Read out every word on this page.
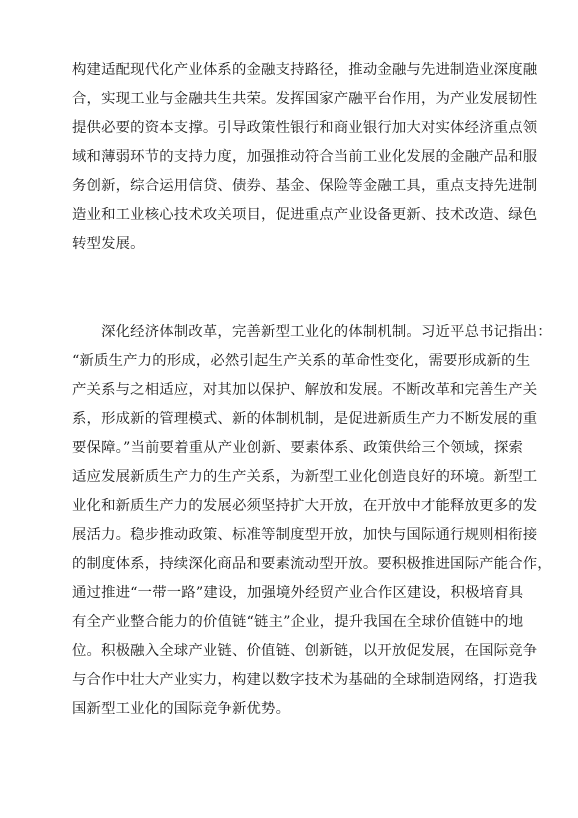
构建适配现代化产业体系的金融支持路径，推动金融与先进制造业深度融
合，实现工业与金融共生共荣。发挥国家产融平台作用，为产业发展韧性
提供必要的资本支撑。引导政策性银行和商业银行加大对实体经济重点领
域和薄弱环节的支持力度，加强推动符合当前工业化发展的金融产品和服
务创新，综合运用信贷、债券、基金、保险等金融工具，重点支持先进制
造业和工业核心技术攻关项目，促进重点产业设备更新、技术改造、绿色
转型发展。
　　深化经济体制改革，完善新型工业化的体制机制。习近平总书记指出：
“新质生产力的形成，必然引起生产关系的革命性变化，需要形成新的生
产关系与之相适应，对其加以保护、解放和发展。不断改革和完善生产关
系，形成新的管理模式、新的体制机制，是促进新质生产力不断发展的重
要保障。”当前要着重从产业创新、要素体系、政策供给三个领域，探索
适应发展新质生产力的生产关系，为新型工业化创造良好的环境。新型工
业化和新质生产力的发展必须坚持扩大开放，在开放中才能释放更多的发
展活力。稳步推动政策、标准等制度型开放，加快与国际通行规则相衔接
的制度体系，持续深化商品和要素流动型开放。要积极推进国际产能合作，
通过推进“一带一路”建设，加强境外经贸产业合作区建设，积极培育具
有全产业整合能力的价值链“链主”企业，提升我国在全球价值链中的地
位。积极融入全球产业链、价值链、创新链，以开放促发展，在国际竞争
与合作中壮大产业实力，构建以数字技术为基础的全球制造网络，打造我
国新型工业化的国际竞争新优势。
